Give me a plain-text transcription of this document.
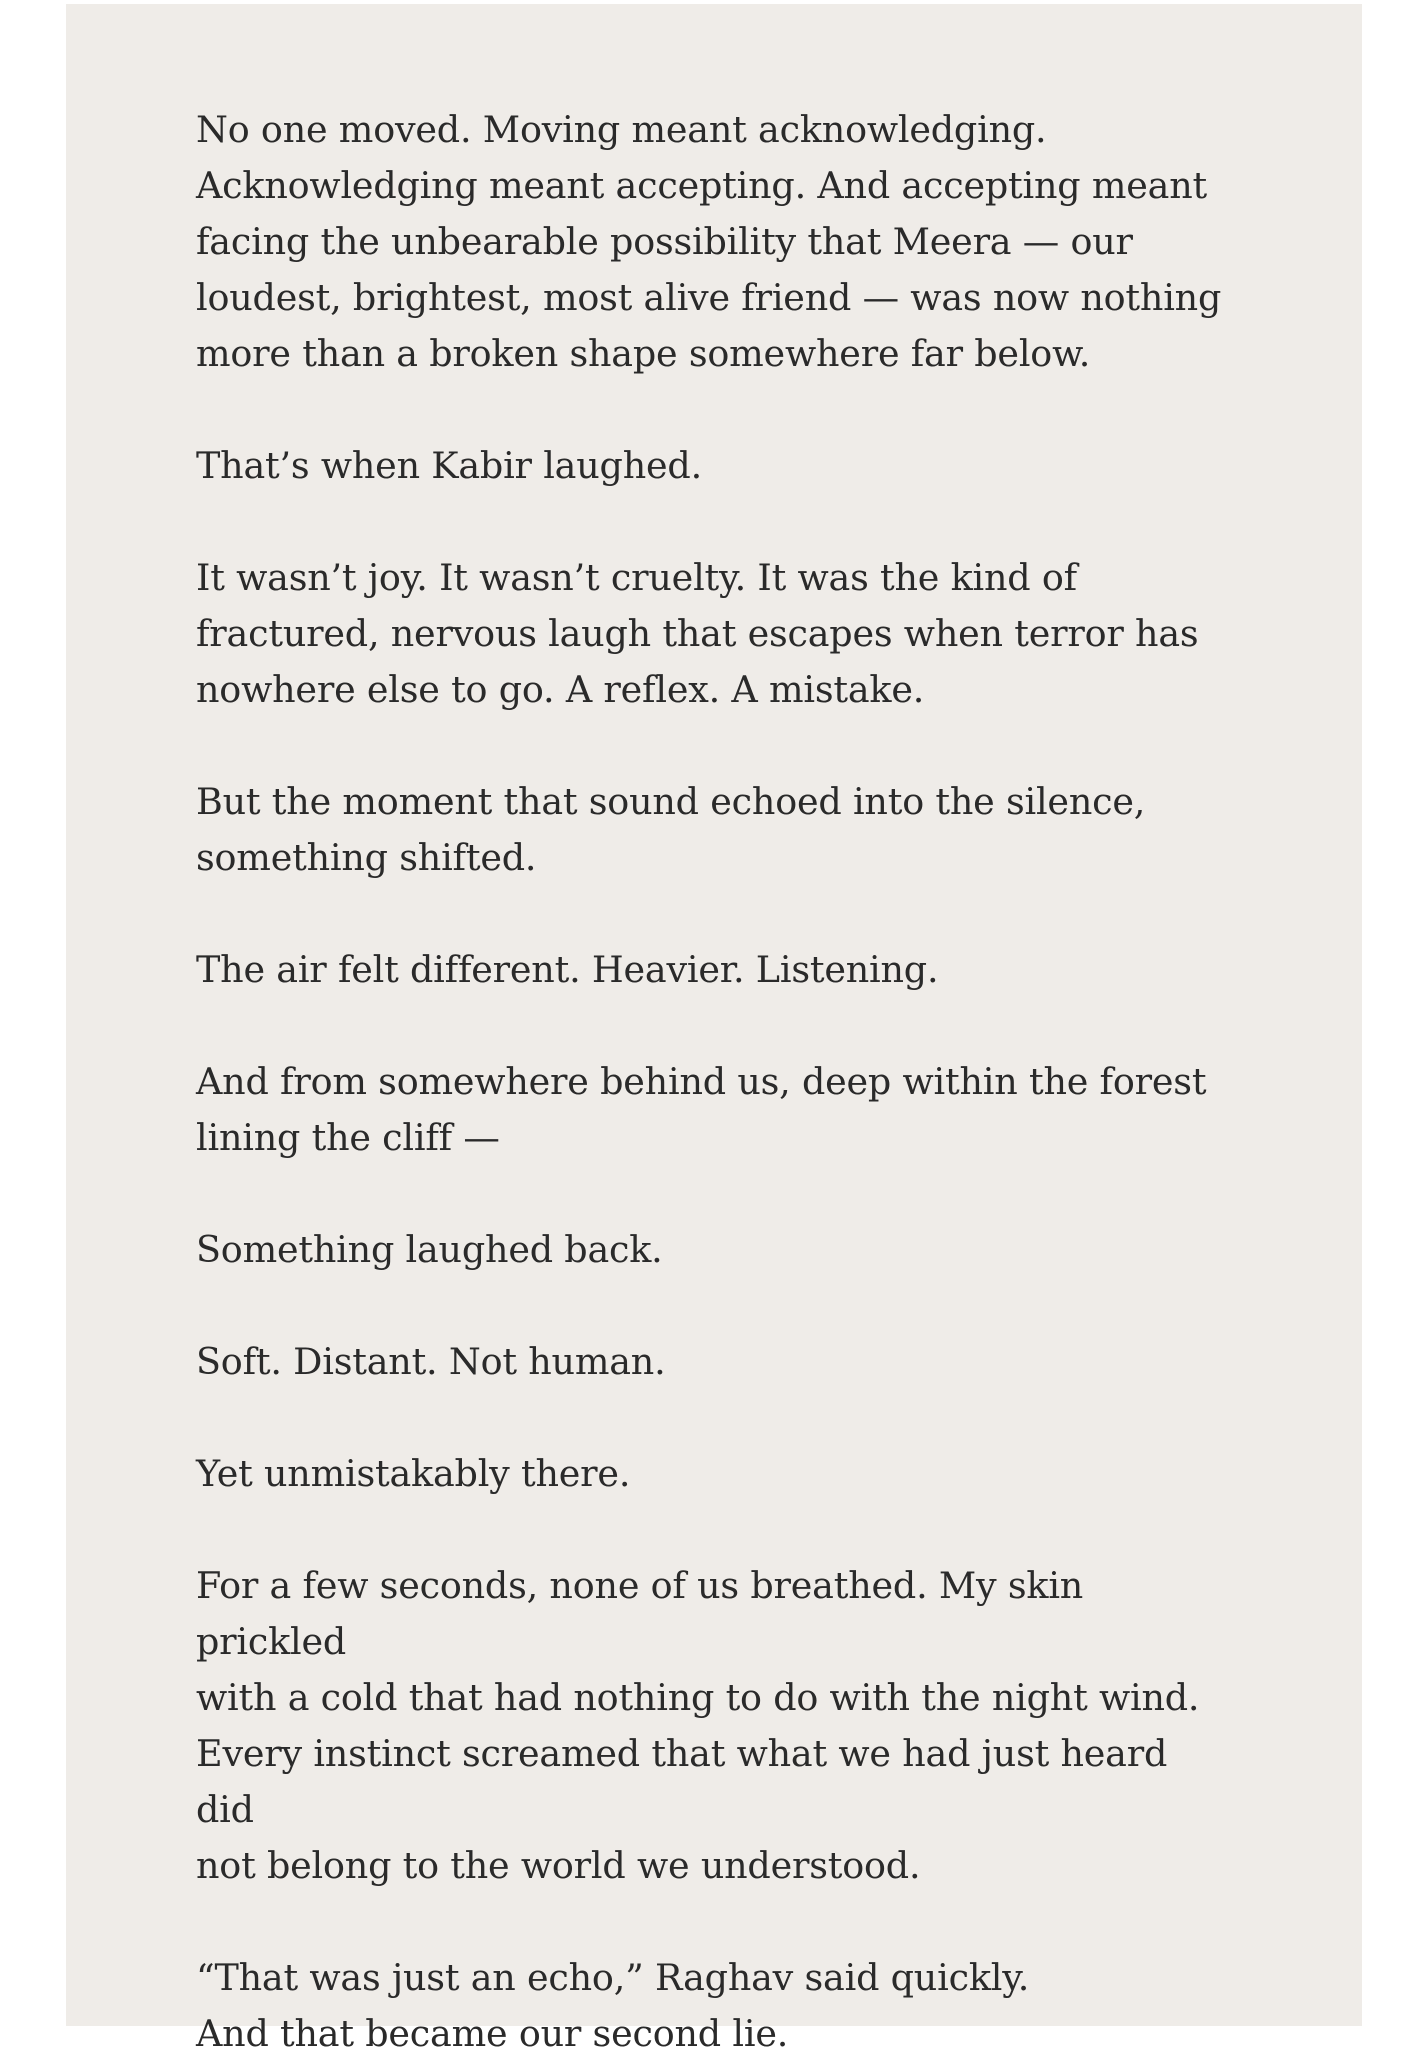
No one moved. Moving meant acknowledging.
Acknowledging meant accepting. And accepting meant
facing the unbearable possibility that Meera — our
loudest, brightest, most alive friend — was now nothing
more than a broken shape somewhere far below.

That’s when Kabir laughed.

It wasn’t joy. It wasn’t cruelty. It was the kind of
fractured, nervous laugh that escapes when terror has
nowhere else to go. A reflex. A mistake.

But the moment that sound echoed into the silence,
something shifted.

The air felt different. Heavier. Listening.

And from somewhere behind us, deep within the forest
lining the cliff —

Something laughed back.

Soft. Distant. Not human.

Yet unmistakably there.

For a few seconds, none of us breathed. My skin prickled
with a cold that had nothing to do with the night wind.
Every instinct screamed that what we had just heard did
not belong to the world we understood.

“That was just an echo,” Raghav said quickly.
And that became our second lie.
